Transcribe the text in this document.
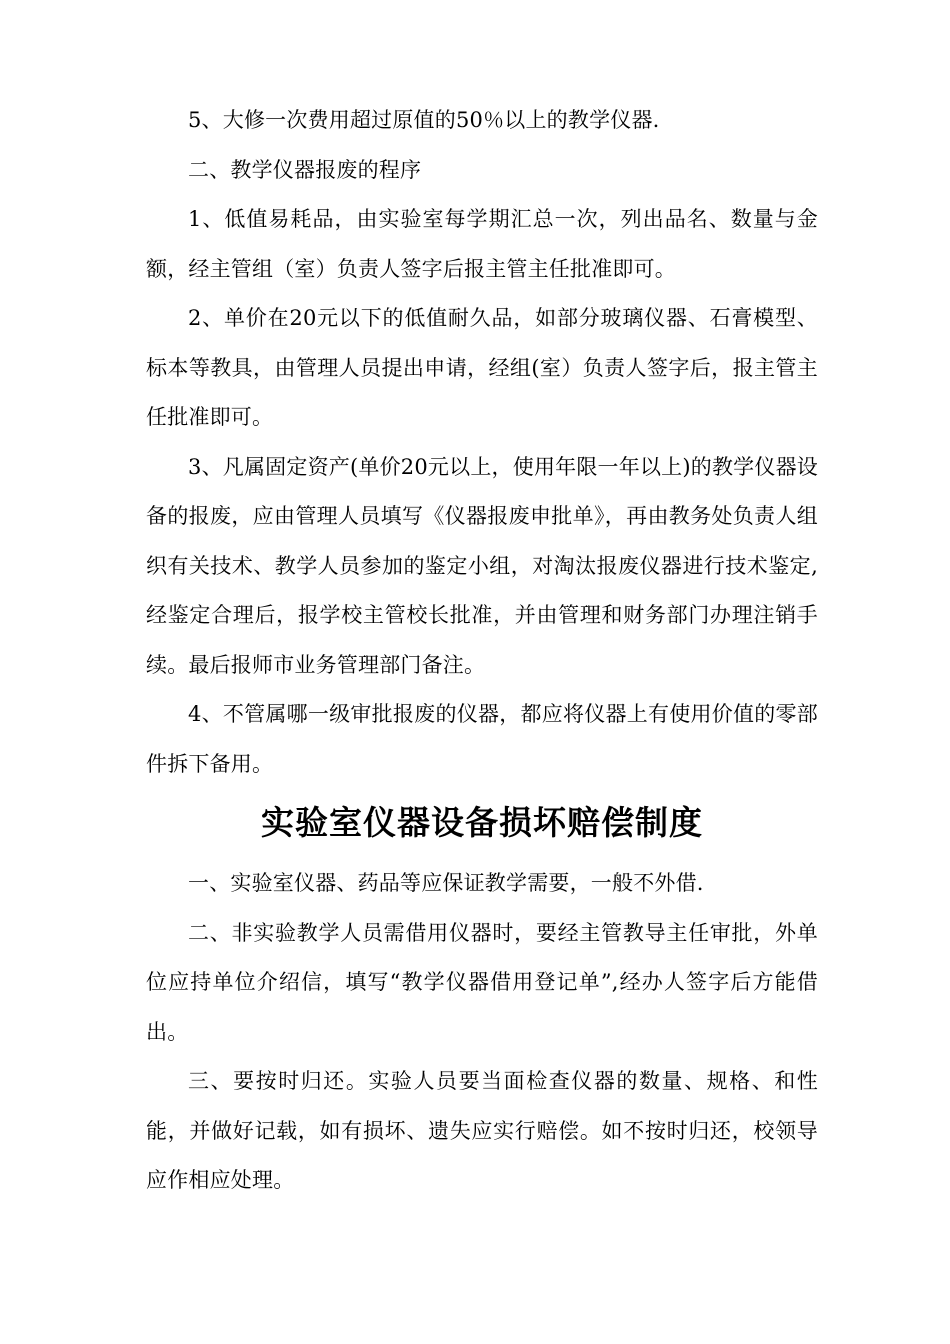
5、大修一次费用超过原值的50％以上的教学仪器.

二、教学仪器报废的程序

1、低值易耗品，由实验室每学期汇总一次，列出品名、数量与金额，经主管组（室）负责人签字后报主管主任批准即可。

2、单价在20元以下的低值耐久品，如部分玻璃仪器、石膏模型、标本等教具，由管理人员提出申请，经组(室）负责人签字后，报主管主任批准即可。

3、凡属固定资产(单价20元以上，使用年限一年以上)的教学仪器设备的报废，应由管理人员填写《仪器报废申批单》，再由教务处负责人组织有关技术、教学人员参加的鉴定小组，对淘汰报废仪器进行技术鉴定,经鉴定合理后，报学校主管校长批准，并由管理和财务部门办理注销手续。最后报师市业务管理部门备注。

4、不管属哪一级审批报废的仪器，都应将仪器上有使用价值的零部件拆下备用。

实验室仪器设备损坏赔偿制度

一、实验室仪器、药品等应保证教学需要，一般不外借.

二、非实验教学人员需借用仪器时，要经主管教导主任审批，外单位应持单位介绍信，填写“教学仪器借用登记单”,经办人签字后方能借出。

三、要按时归还。实验人员要当面检查仪器的数量、规格、和性能，并做好记载，如有损坏、遗失应实行赔偿。如不按时归还，校领导应作相应处理。
